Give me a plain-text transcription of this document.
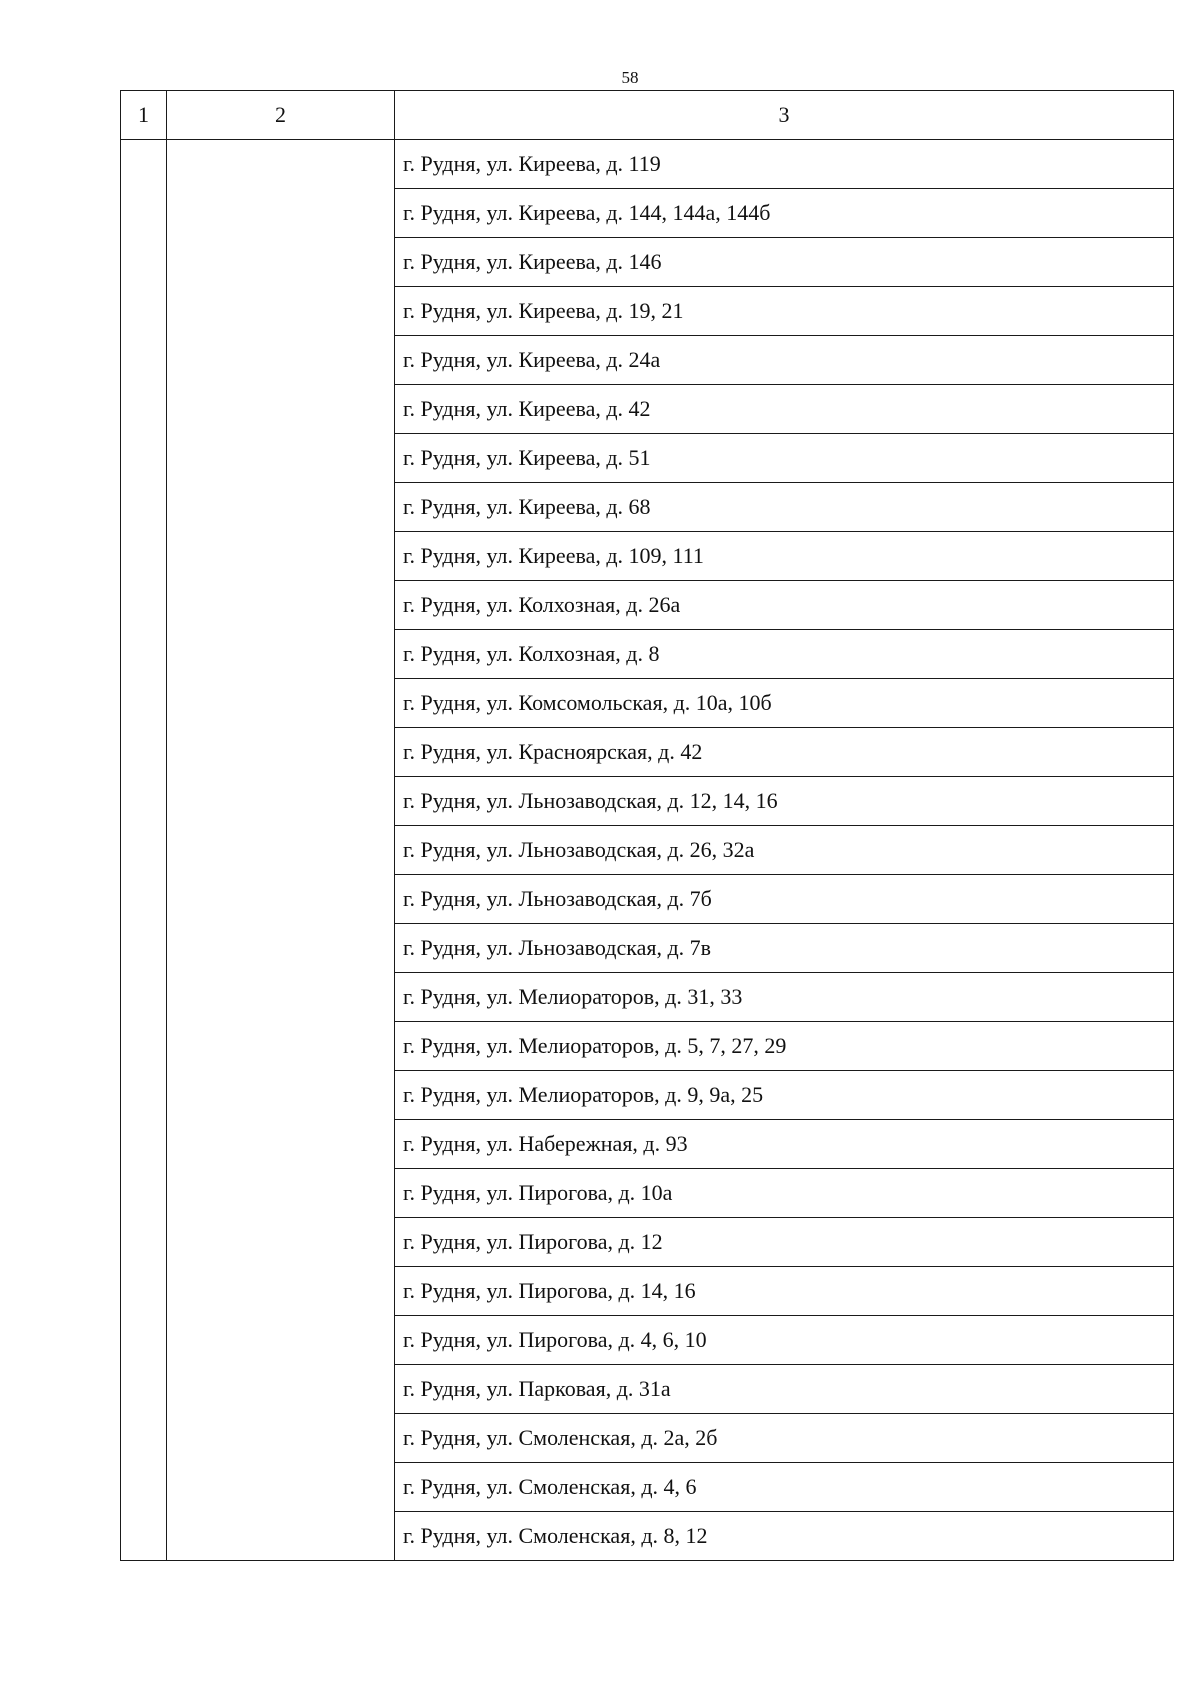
58
1	2	3
		г. Рудня, ул. Киреева, д. 119
		г. Рудня, ул. Киреева, д. 144, 144а, 144б
		г. Рудня, ул. Киреева, д. 146
		г. Рудня, ул. Киреева, д. 19, 21
		г. Рудня, ул. Киреева, д. 24а
		г. Рудня, ул. Киреева, д. 42
		г. Рудня, ул. Киреева, д. 51
		г. Рудня, ул. Киреева, д. 68
		г. Рудня, ул. Киреева, д. 109, 111
		г. Рудня, ул. Колхозная, д. 26а
		г. Рудня, ул. Колхозная, д. 8
		г. Рудня, ул. Комсомольская, д. 10а, 10б
		г. Рудня, ул. Красноярская, д. 42
		г. Рудня, ул. Льнозаводская, д. 12, 14, 16
		г. Рудня, ул. Льнозаводская, д. 26, 32а
		г. Рудня, ул. Льнозаводская, д. 7б
		г. Рудня, ул. Льнозаводская, д. 7в
		г. Рудня, ул. Мелиораторов, д. 31, 33
		г. Рудня, ул. Мелиораторов, д. 5, 7, 27, 29
		г. Рудня, ул. Мелиораторов, д. 9, 9а, 25
		г. Рудня, ул. Набережная, д. 93
		г. Рудня, ул. Пирогова, д. 10а
		г. Рудня, ул. Пирогова, д. 12
		г. Рудня, ул. Пирогова, д. 14, 16
		г. Рудня, ул. Пирогова, д. 4, 6, 10
		г. Рудня, ул. Парковая, д. 31а
		г. Рудня, ул. Смоленская, д. 2а, 2б
		г. Рудня, ул. Смоленская, д. 4, 6
		г. Рудня, ул. Смоленская, д. 8, 12
